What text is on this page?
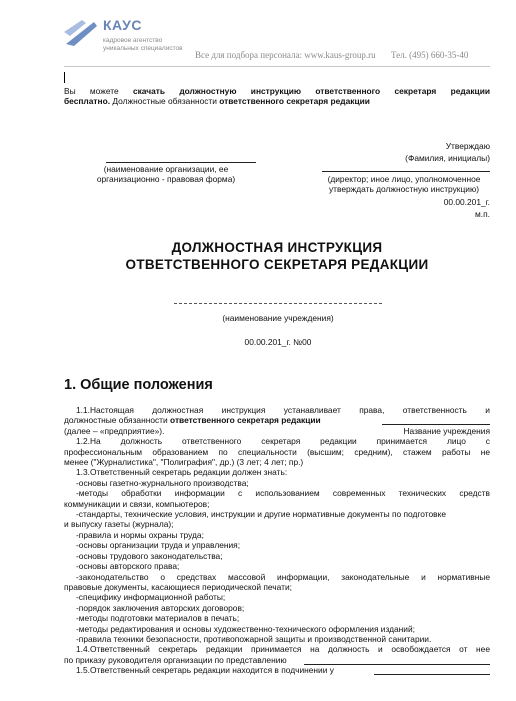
КАУС
кадровое агентство
уникальных специалистов
Все для подбора персонала: www.kaus-group.ru Тел. (495) 660-35-40
Вы можете скачать должностную инструкцию ответственного секретаря редакции
бесплатно. Должностные обязанности ответственного секретаря редакции
Утверждаю
(Фамилия, инициалы)
(наименование организации, ее
организационно - правовая форма)	(директор; иное лицо, уполномоченное
утверждать должностную инструкцию)
00.00.201_г.
м.п.
ДОЛЖНОСТНАЯ ИНСТРУКЦИЯ
ОТВЕТСТВЕННОГО СЕКРЕТАРЯ РЕДАКЦИИ
(наименование учреждения)
00.00.201_г. №00
1. Общие положения
1.1.Настоящая должностная инструкция устанавливает права, ответственность и
должностные обязанности ответственного секретаря редакции
(далее – «предприятие»).	Название учреждения
1.2.На должность ответственного секретаря редакции принимается лицо с
профессиональным образованием по специальности (высшим; средним), стажем работы не
менее ("Журналистика", "Полиграфия", др.) (3 лет; 4 лет; пр.)
1.3.Ответственный секретарь редакции должен знать:
-основы газетно-журнального производства;
-методы обработки информации с использованием современных технических средств
коммуникации и связи, компьютеров;
-стандарты, технические условия, инструкции и другие нормативные документы по подготовке
и выпуску газеты (журнала);
-правила и нормы охраны труда;
-основы организации труда и управления;
-основы трудового законодательства;
-основы авторского права;
-законодательство о средствах массовой информации, законодательные и нормативные
правовые документы, касающиеся периодической печати;
-специфику информационной работы;
-порядок заключения авторских договоров;
-методы подготовки материалов в печать;
-методы редактирования и основы художественно-технического оформления изданий;
-правила техники безопасности, противопожарной защиты и производственной санитарии.
1.4.Ответственный секретарь редакции принимается на должность и освобождается от нее
по приказу руководителя организации по представлению
1.5.Ответственный секретарь редакции находится в подчинении у
